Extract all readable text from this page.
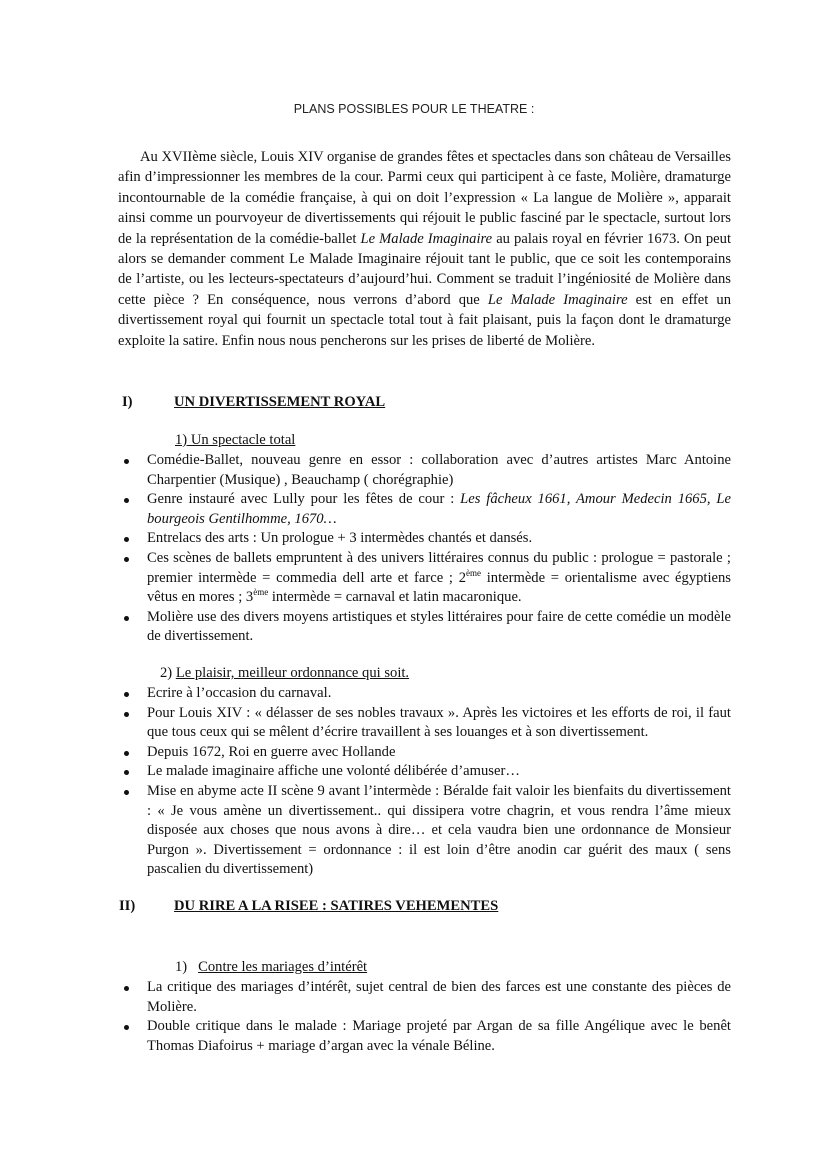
PLANS POSSIBLES POUR LE THEATRE :

Au XVIIème siècle, Louis XIV organise de grandes fêtes et spectacles dans son château de Versailles afin d’impressionner les membres de la cour. Parmi ceux qui participent à ce faste, Molière, dramaturge incontournable de la comédie française, à qui on doit l’expression « La langue de Molière », apparait ainsi comme un pourvoyeur de divertissements qui réjouit le public fasciné par le spectacle, surtout lors de la représentation de la comédie-ballet Le Malade Imaginaire au palais royal en février 1673. On peut alors se demander comment Le Malade Imaginaire réjouit tant le public, que ce soit les contemporains de l’artiste, ou les lecteurs-spectateurs d’aujourd’hui. Comment se traduit l’ingéniosité de Molière dans cette pièce ? En conséquence, nous verrons d’abord que Le Malade Imaginaire est en effet un divertissement royal qui fournit un spectacle total tout à fait plaisant, puis la façon dont le dramaturge exploite la satire. Enfin nous nous pencherons sur les prises de liberté de Molière.

I)	UN DIVERTISSEMENT ROYAL
1) Un spectacle total
Comédie-Ballet, nouveau genre en essor : collaboration avec d’autres artistes Marc Antoine Charpentier (Musique) , Beauchamp ( chorégraphie)
Genre instauré avec Lully pour les fêtes de cour : Les fâcheux 1661, Amour Medecin 1665, Le bourgeois Gentilhomme, 1670…
Entrelacs des arts : Un prologue + 3 intermèdes chantés et dansés.
Ces scènes de ballets empruntent à des univers littéraires connus du public : prologue = pastorale ; premier intermède = commedia dell arte et farce ; 2ème intermède = orientalisme avec égyptiens vêtus en mores ; 3ème intermède = carnaval et latin macaronique.
Molière use des divers moyens artistiques et styles littéraires pour faire de cette comédie un modèle de divertissement.
2) Le plaisir, meilleur ordonnance qui soit.
Ecrire à l’occasion du carnaval.
Pour Louis XIV : « délasser de ses nobles travaux ». Après les victoires et les efforts de roi, il faut que tous ceux qui se mêlent d’écrire travaillent à ses louanges et à son divertissement.
Depuis 1672, Roi en guerre avec Hollande
Le malade imaginaire affiche une volonté délibérée d’amuser…
Mise en abyme acte II scène 9 avant l’intermède : Béralde fait valoir les bienfaits du divertissement : « Je vous amène un divertissement.. qui dissipera votre chagrin, et vous rendra l’âme mieux disposée aux choses que nous avons à dire… et cela vaudra bien une ordonnance de Monsieur Purgon ». Divertissement = ordonnance : il est loin d’être anodin car guérit des maux ( sens pascalien du divertissement)
II)	DU RIRE A LA RISEE : SATIRES VEHEMENTES
1) Contre les mariages d’intérêt
La critique des mariages d’intérêt, sujet central de bien des farces est une constante des pièces de Molière.
Double critique dans le malade : Mariage projeté par Argan de sa fille Angélique avec le benêt Thomas Diafoirus + mariage d’argan avec la vénale Béline.
